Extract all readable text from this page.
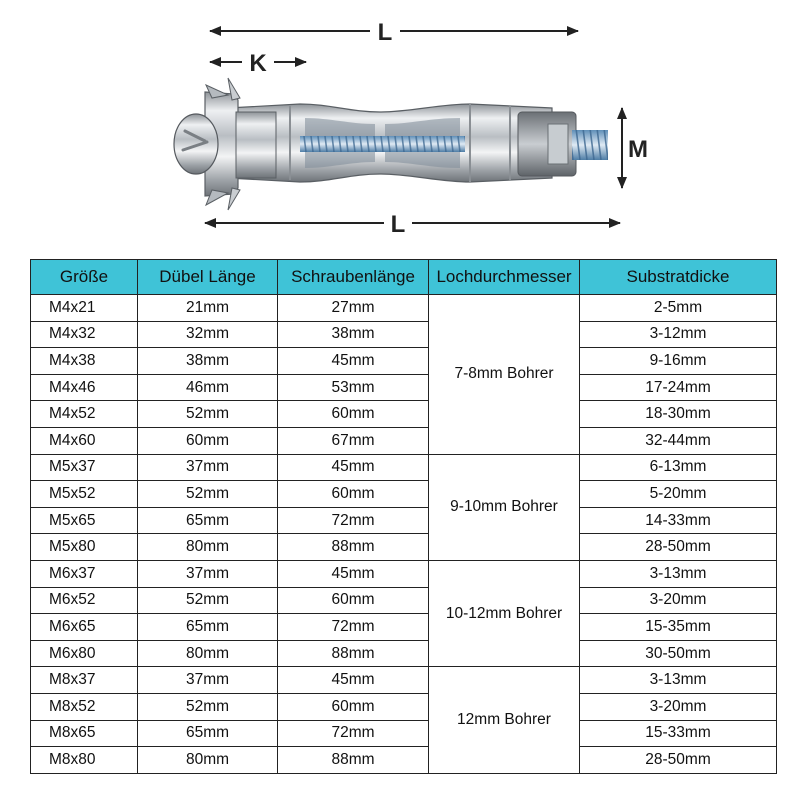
L
K
M
L
Größe	Dübel Länge	Schraubenlänge	Lochdurchmesser	Substratdicke
M4x21	21mm	27mm	7-8mm Bohrer	2-5mm
M4x32	32mm	38mm		3-12mm
M4x38	38mm	45mm		9-16mm
M4x46	46mm	53mm		17-24mm
M4x52	52mm	60mm		18-30mm
M4x60	60mm	67mm		32-44mm
M5x37	37mm	45mm	9-10mm Bohrer	6-13mm
M5x52	52mm	60mm		5-20mm
M5x65	65mm	72mm		14-33mm
M5x80	80mm	88mm		28-50mm
M6x37	37mm	45mm	10-12mm Bohrer	3-13mm
M6x52	52mm	60mm		3-20mm
M6x65	65mm	72mm		15-35mm
M6x80	80mm	88mm		30-50mm
M8x37	37mm	45mm	12mm Bohrer	3-13mm
M8x52	52mm	60mm		3-20mm
M8x65	65mm	72mm		15-33mm
M8x80	80mm	88mm		28-50mm
